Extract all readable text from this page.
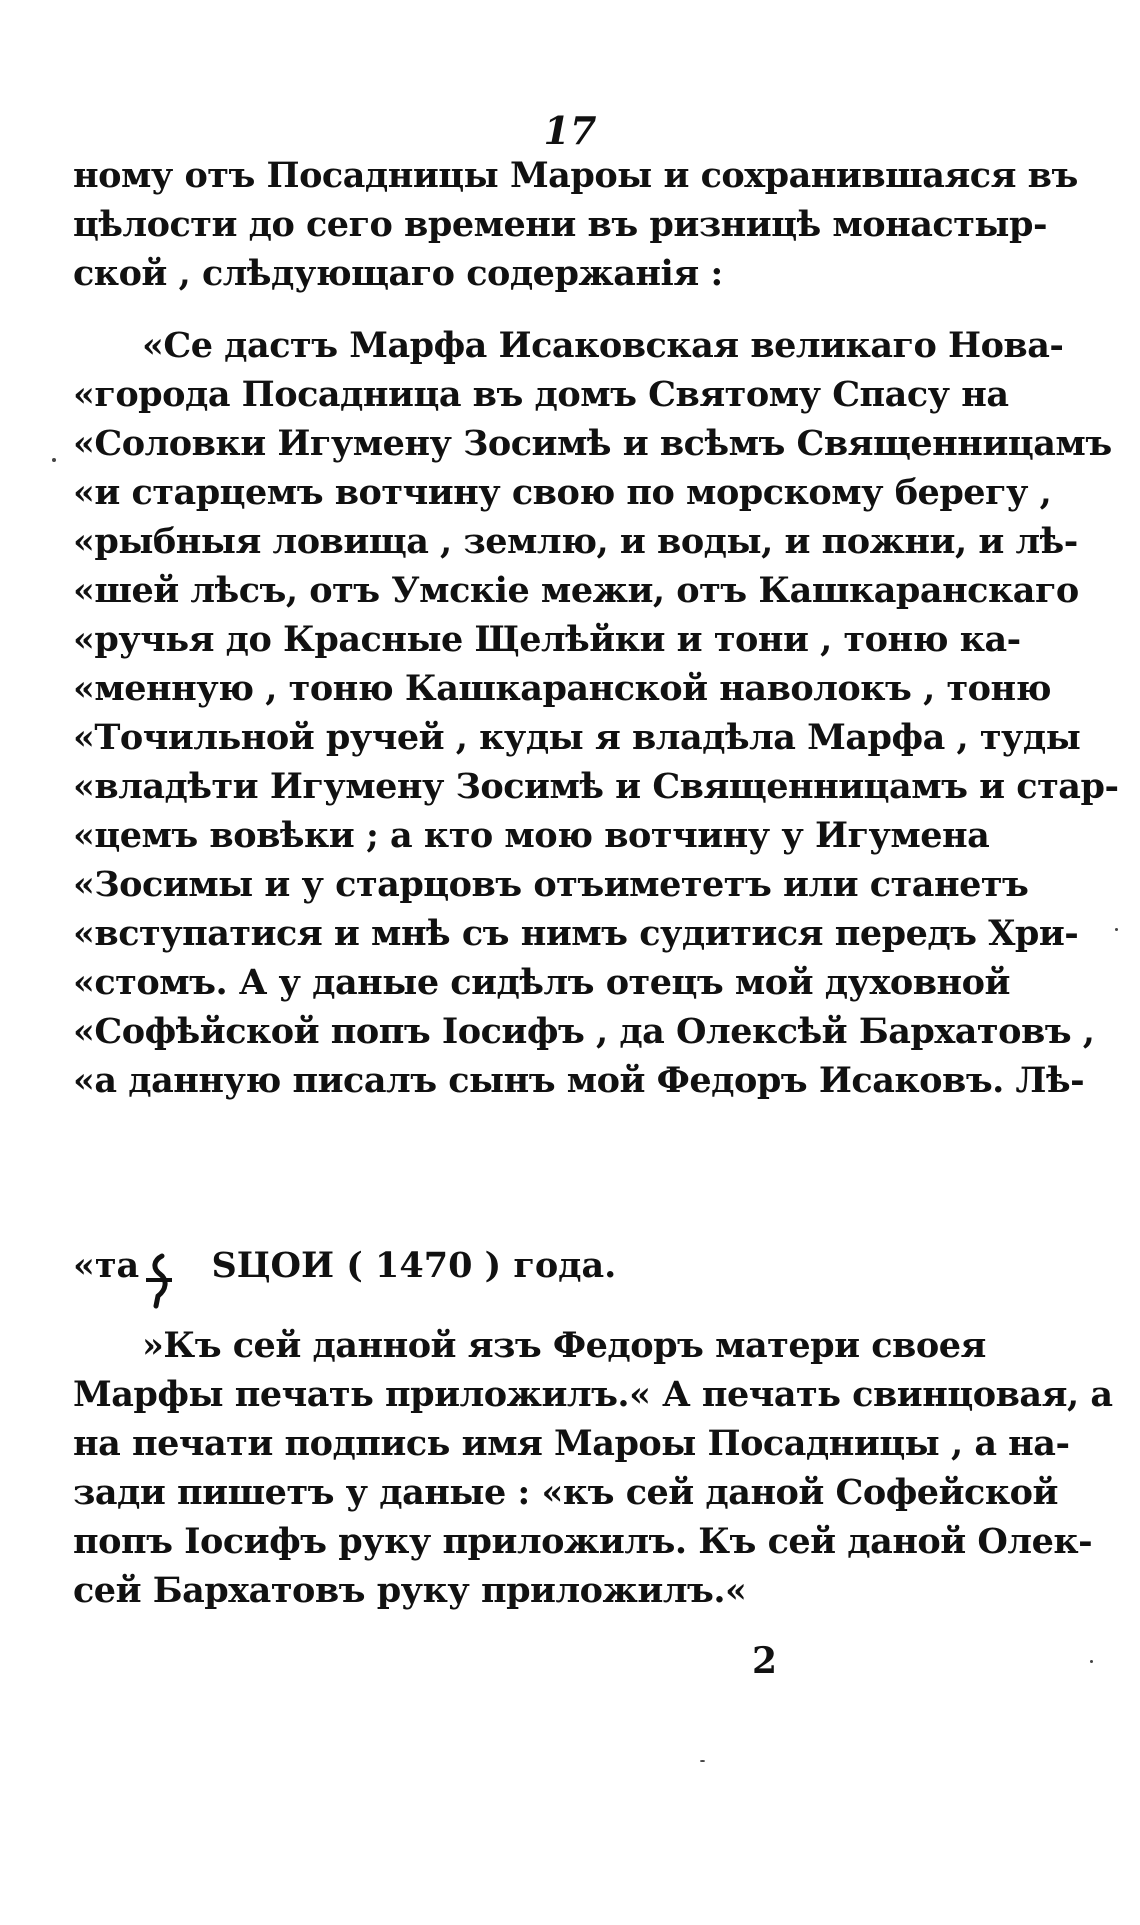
17
ному отъ Посадницы Мароы и сохранившаяся въ
цѣлости до сего времени въ ризницѣ монастыр-
ской , слѣдующаго содержанія :
«Се дастъ Марфа Исаковская великаго Нова-
«города Посадница въ домъ Святому Спасу на
«Соловки Игумену Зосимѣ и всѣмъ Священницамъ
«и старцемъ вотчину свою по морскому берегу ,
«рыбныя ловища , землю, и воды, и пожни, и лѣ-
«шей лѣсъ, отъ Умскіе межи, отъ Кашкаранскаго
«ручья до Красные Щелѣйки и тони , тоню ка-
«менную , тоню Кашкаранской наволокъ , тоню
«Точильной ручей , куды я владѣла Марфа , туды
«владѣти Игумену Зосимѣ и Священницамъ и стар-
«цемъ вовѣки ; а кто мою вотчину у Игумена
«Зосимы и у старцовъ отъимететъ или станетъ
«вступатися и мнѣ съ нимъ судитися передъ Хри-
«стомъ. А у даные сидѣлъ отецъ мой духовной
«Софѣйской попъ Іосифъ , да Олексѣй Бархатовъ ,
«а данную писалъ сынъ мой Федоръ Исаковъ. Лѣ-
«та ЅЦОИ ( 1470 ) года.
»Къ сей данной язъ Федоръ матери своея
Марфы печать приложилъ.« А печать свинцовая, а
на печати подпись имя Мароы Посадницы , а на-
зади пишетъ у даные : «къ сей даной Софейской
попъ Іосифъ руку приложилъ. Къ сей даной Олек-
сей Бархатовъ руку приложилъ.«
2
